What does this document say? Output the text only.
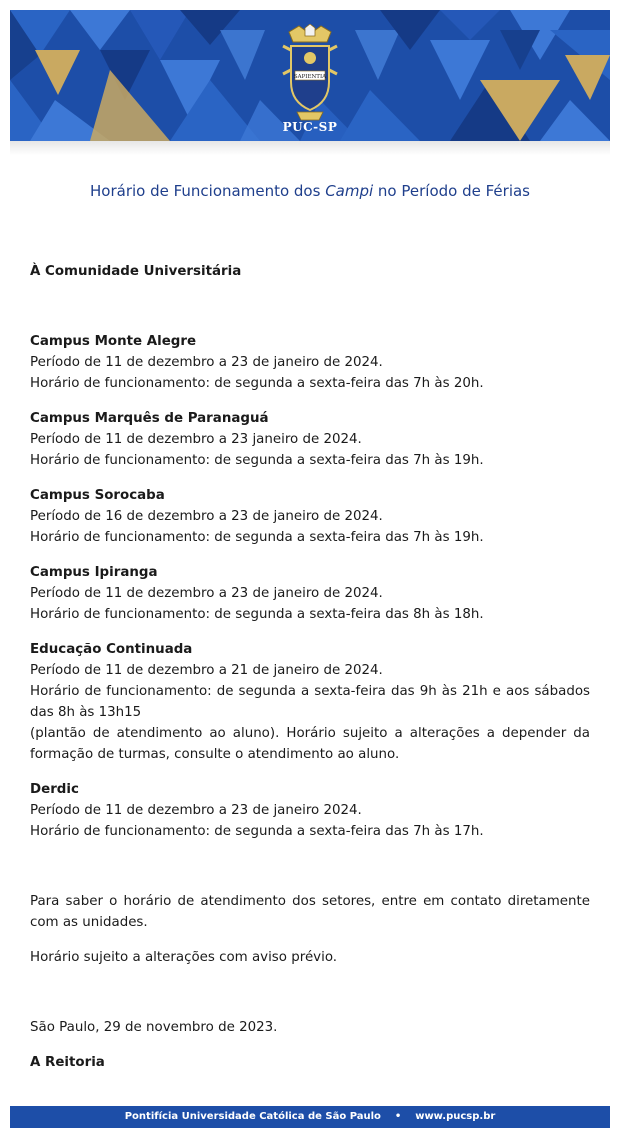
SAPIENTIA
PUC-SP
Horário de Funcionamento dos Campi no Período de Férias

À Comunidade Universitária

Campus Monte Alegre
Período de 11 de dezembro a 23 de janeiro de 2024.
Horário de funcionamento: de segunda a sexta-feira das 7h às 20h.
Campus Marquês de Paranaguá
Período de 11 de dezembro a 23 janeiro de 2024.
Horário de funcionamento: de segunda a sexta-feira das 7h às 19h.
Campus Sorocaba
Período de 16 de dezembro a 23 de janeiro de 2024.
Horário de funcionamento: de segunda a sexta-feira das 7h às 19h.
Campus Ipiranga
Período de 11 de dezembro a 23 de janeiro de 2024.
Horário de funcionamento: de segunda a sexta-feira das 8h às 18h.
Educação Continuada
Período de 11 de dezembro a 21 de janeiro de 2024.
Horário de funcionamento: de segunda a sexta-feira das 9h às 21h e aos sábados das 8h às 13h15
(plantão de atendimento ao aluno). Horário sujeito a alterações a depender da formação de turmas, consulte o atendimento ao aluno.
Derdic
Período de 11 de dezembro a 23 de janeiro 2024.
Horário de funcionamento: de segunda a sexta-feira das 7h às 17h.

Para saber o horário de atendimento dos setores, entre em contato diretamente com as unidades.

Horário sujeito a alterações com aviso prévio.

São Paulo, 29 de novembro de 2023.

A Reitoria

Pontifícia Universidade Católica de São Paulo • www.pucsp.br
